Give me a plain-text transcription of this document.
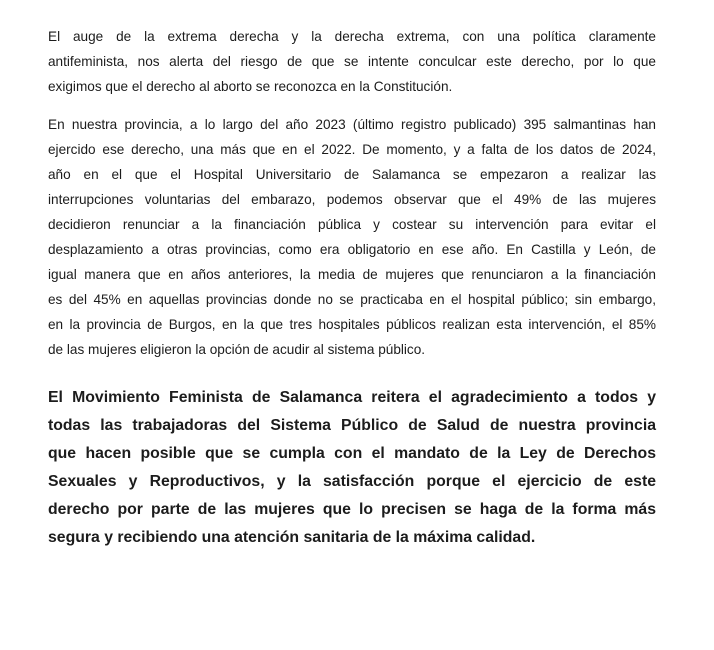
El auge de la extrema derecha y la derecha extrema, con una política claramente
antifeminista, nos alerta del riesgo de que se intente conculcar este derecho, por lo que
exigimos que el derecho al aborto se reconozca en la Constitución.
En nuestra provincia, a lo largo del año 2023 (último registro publicado) 395 salmantinas han
ejercido ese derecho, una más que en el 2022. De momento, y a falta de los datos de 2024,
año en el que el Hospital Universitario de Salamanca se empezaron a realizar las
interrupciones voluntarias del embarazo, podemos observar que el 49% de las mujeres
decidieron renunciar a la financiación pública y costear su intervención para evitar el
desplazamiento a otras provincias, como era obligatorio en ese año. En Castilla y León, de
igual manera que en años anteriores, la media de mujeres que renunciaron a la financiación
es del 45% en aquellas provincias donde no se practicaba en el hospital público; sin embargo,
en la provincia de Burgos, en la que tres hospitales públicos realizan esta intervención, el 85%
de las mujeres eligieron la opción de acudir al sistema público.
El Movimiento Feminista de Salamanca reitera el agradecimiento a todos y
todas las trabajadoras del Sistema Público de Salud de nuestra provincia
que hacen posible que se cumpla con el mandato de la Ley de Derechos
Sexuales y Reproductivos, y la satisfacción porque el ejercicio de este
derecho por parte de las mujeres que lo precisen se haga de la forma más
segura y recibiendo una atención sanitaria de la máxima calidad.
